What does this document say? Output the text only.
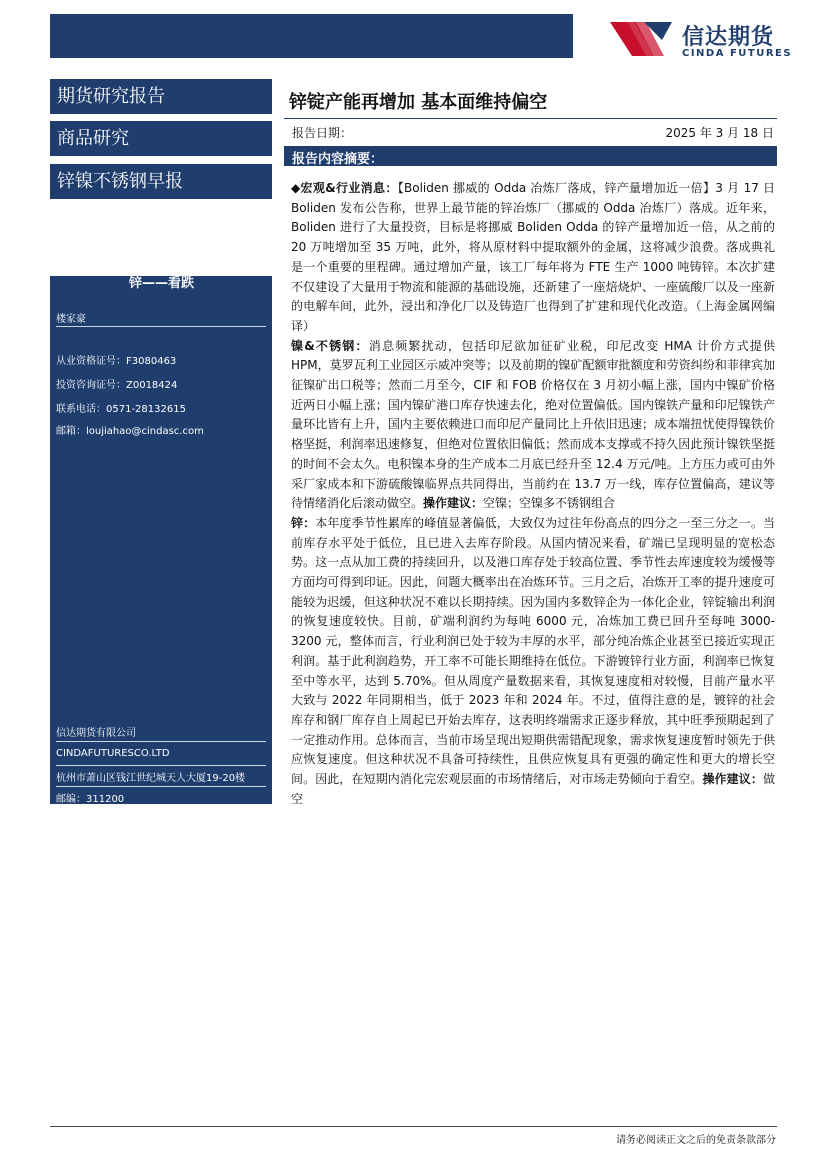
信达期货
CINDA FUTURES
期货研究报告
商品研究
锌镍不锈钢早报
走势评级： 镍——看跌
不锈钢——震荡
锌——看跌
楼家豪
从业资格证号：F3080463
投资咨询证号：Z0018424
联系电话：0571-28132615
邮箱：loujiahao@cindasc.com
信达期货有限公司
CINDAFUTURESCO.LTD
杭州市萧山区钱江世纪城天人大厦19-20楼
邮编：311200
锌锭产能再增加 基本面维持偏空
报告日期：	2025 年 3 月 18 日
报告内容摘要：

◆宏观&行业消息：【Boliden 挪威的 Odda 冶炼厂落成，锌产量增加近一倍】3 月 17 日 Boliden 发布公告称，世界上最节能的锌冶炼厂（挪威的 Odda 冶炼厂）落成。近年来，Boliden 进行了大量投资，目标是将挪威 Boliden Odda 的锌产量增加近一倍，从之前的 20 万吨增加至 35 万吨，此外，将从原材料中提取额外的金属，这将减少浪费。落成典礼是一个重要的里程碑。通过增加产量，该工厂每年将为 FTE 生产 1000 吨铸锌。本次扩建不仅建设了大量用于物流和能源的基础设施，还新建了一座焙烧炉、一座硫酸厂以及一座新的电解车间，此外，浸出和净化厂以及铸造厂也得到了扩建和现代化改造。（上海金属网编译）

镍&不锈钢：消息频繁扰动，包括印尼欲加征矿业税，印尼改变 HMA 计价方式提供 HPM，莫罗瓦利工业园区示威冲突等；以及前期的镍矿配额审批额度和劳资纠纷和菲律宾加征镍矿出口税等；然而二月至今，CIF 和 FOB 价格仅在 3 月初小幅上涨，国内中镍矿价格近两日小幅上涨；国内镍矿港口库存快速去化，绝对位置偏低。国内镍铁产量和印尼镍铁产量环比皆有上升，国内主要依赖进口而印尼产量同比上升依旧迅速；成本端扭忧使得镍铁价格坚挺，利润率迅速修复，但绝对位置依旧偏低；然而成本支撑或不持久因此预计镍铁坚挺的时间不会太久。电积镍本身的生产成本二月底已经升至 12.4 万元/吨。上方压力或可由外采厂家成本和下游硫酸镍临界点共同得出，当前约在 13.7 万一线，库存位置偏高，建议等待情绪消化后滚动做空。操作建议：空镍；空镍多不锈钢组合

锌：本年度季节性累库的峰值显著偏低，大致仅为过往年份高点的四分之一至三分之一。当前库存水平处于低位，且已进入去库存阶段。从国内情况来看，矿端已呈现明显的宽松态势。这一点从加工费的持续回升，以及港口库存处于较高位置、季节性去库速度较为缓慢等方面均可得到印证。因此，问题大概率出在冶炼环节。三月之后，冶炼开工率的提升速度可能较为迟缓，但这种状况不难以长期持续。因为国内多数锌企为一体化企业，锌锭输出利润的恢复速度较快。目前，矿端利润约为每吨 6000 元，冶炼加工费已回升至每吨 3000-3200 元，整体而言，行业利润已处于较为丰厚的水平，部分纯冶炼企业甚至已接近实现正利润。基于此利润趋势，开工率不可能长期维持在低位。下游镀锌行业方面，利润率已恢复至中等水平，达到 5.70%。但从周度产量数据来看，其恢复速度相对较慢，目前产量水平大致与 2022 年同期相当，低于 2023 年和 2024 年。不过，值得注意的是，镀锌的社会库存和钢厂库存自上周起已开始去库存，这表明终端需求正逐步释放，其中旺季预期起到了一定推动作用。总体而言，当前市场呈现出短期供需错配现象，需求恢复速度暂时领先于供应恢复速度。但这种状况不具备可持续性，且供应恢复具有更强的确定性和更大的增长空间。因此，在短期内消化完宏观层面的市场情绪后，对市场走势倾向于看空。操作建议：做空

请务必阅读正文之后的免责条款部分
